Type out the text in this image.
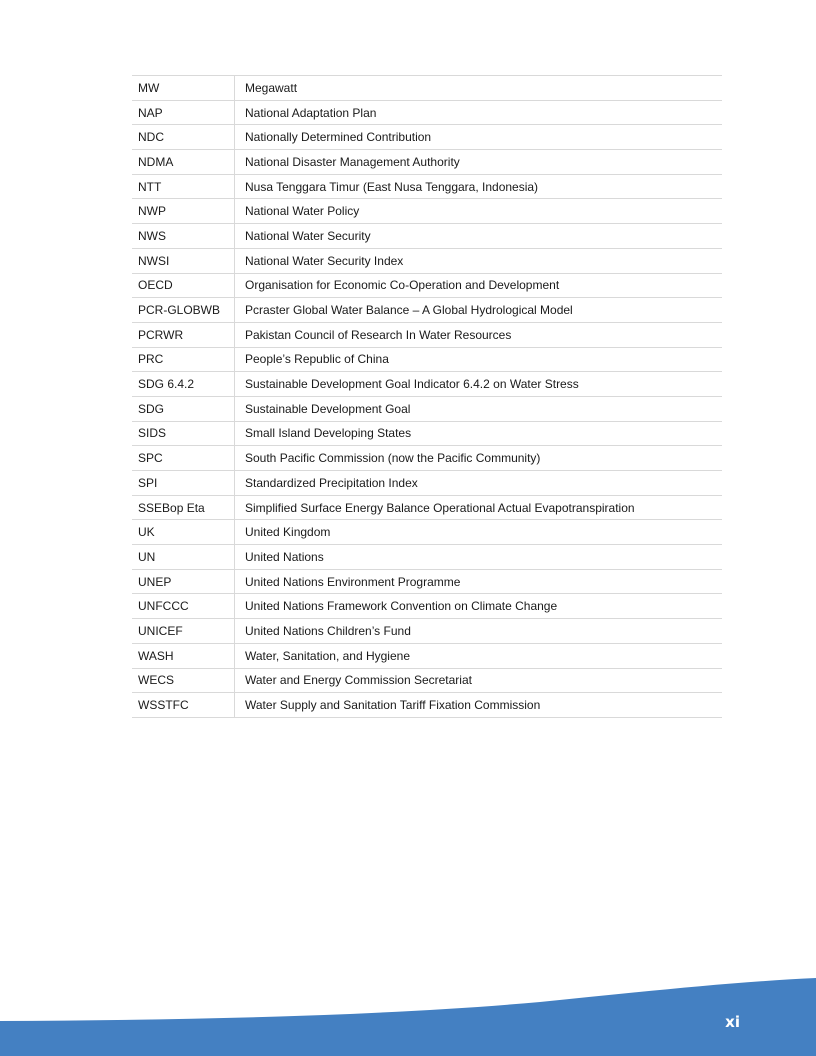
MW	Megawatt
NAP	National Adaptation Plan
NDC	Nationally Determined Contribution
NDMA	National Disaster Management Authority
NTT	Nusa Tenggara Timur (East Nusa Tenggara, Indonesia)
NWP	National Water Policy
NWS	National Water Security
NWSI	National Water Security Index
OECD	Organisation for Economic Co-Operation and Development
PCR-GLOBWB	Pcraster Global Water Balance – A Global Hydrological Model
PCRWR	Pakistan Council of Research In Water Resources
PRC	People’s Republic of China
SDG 6.4.2	Sustainable Development Goal Indicator 6.4.2 on Water Stress
SDG	Sustainable Development Goal
SIDS	Small Island Developing States
SPC	South Pacific Commission (now the Pacific Community)
SPI	Standardized Precipitation Index
SSEBop Eta	Simplified Surface Energy Balance Operational Actual Evapotranspiration
UK	United Kingdom
UN	United Nations
UNEP	United Nations Environment Programme
UNFCCC	United Nations Framework Convention on Climate Change
UNICEF	United Nations Children’s Fund
WASH	Water, Sanitation, and Hygiene
WECS	Water and Energy Commission Secretariat
WSSTFC	Water Supply and Sanitation Tariff Fixation Commission
xi
